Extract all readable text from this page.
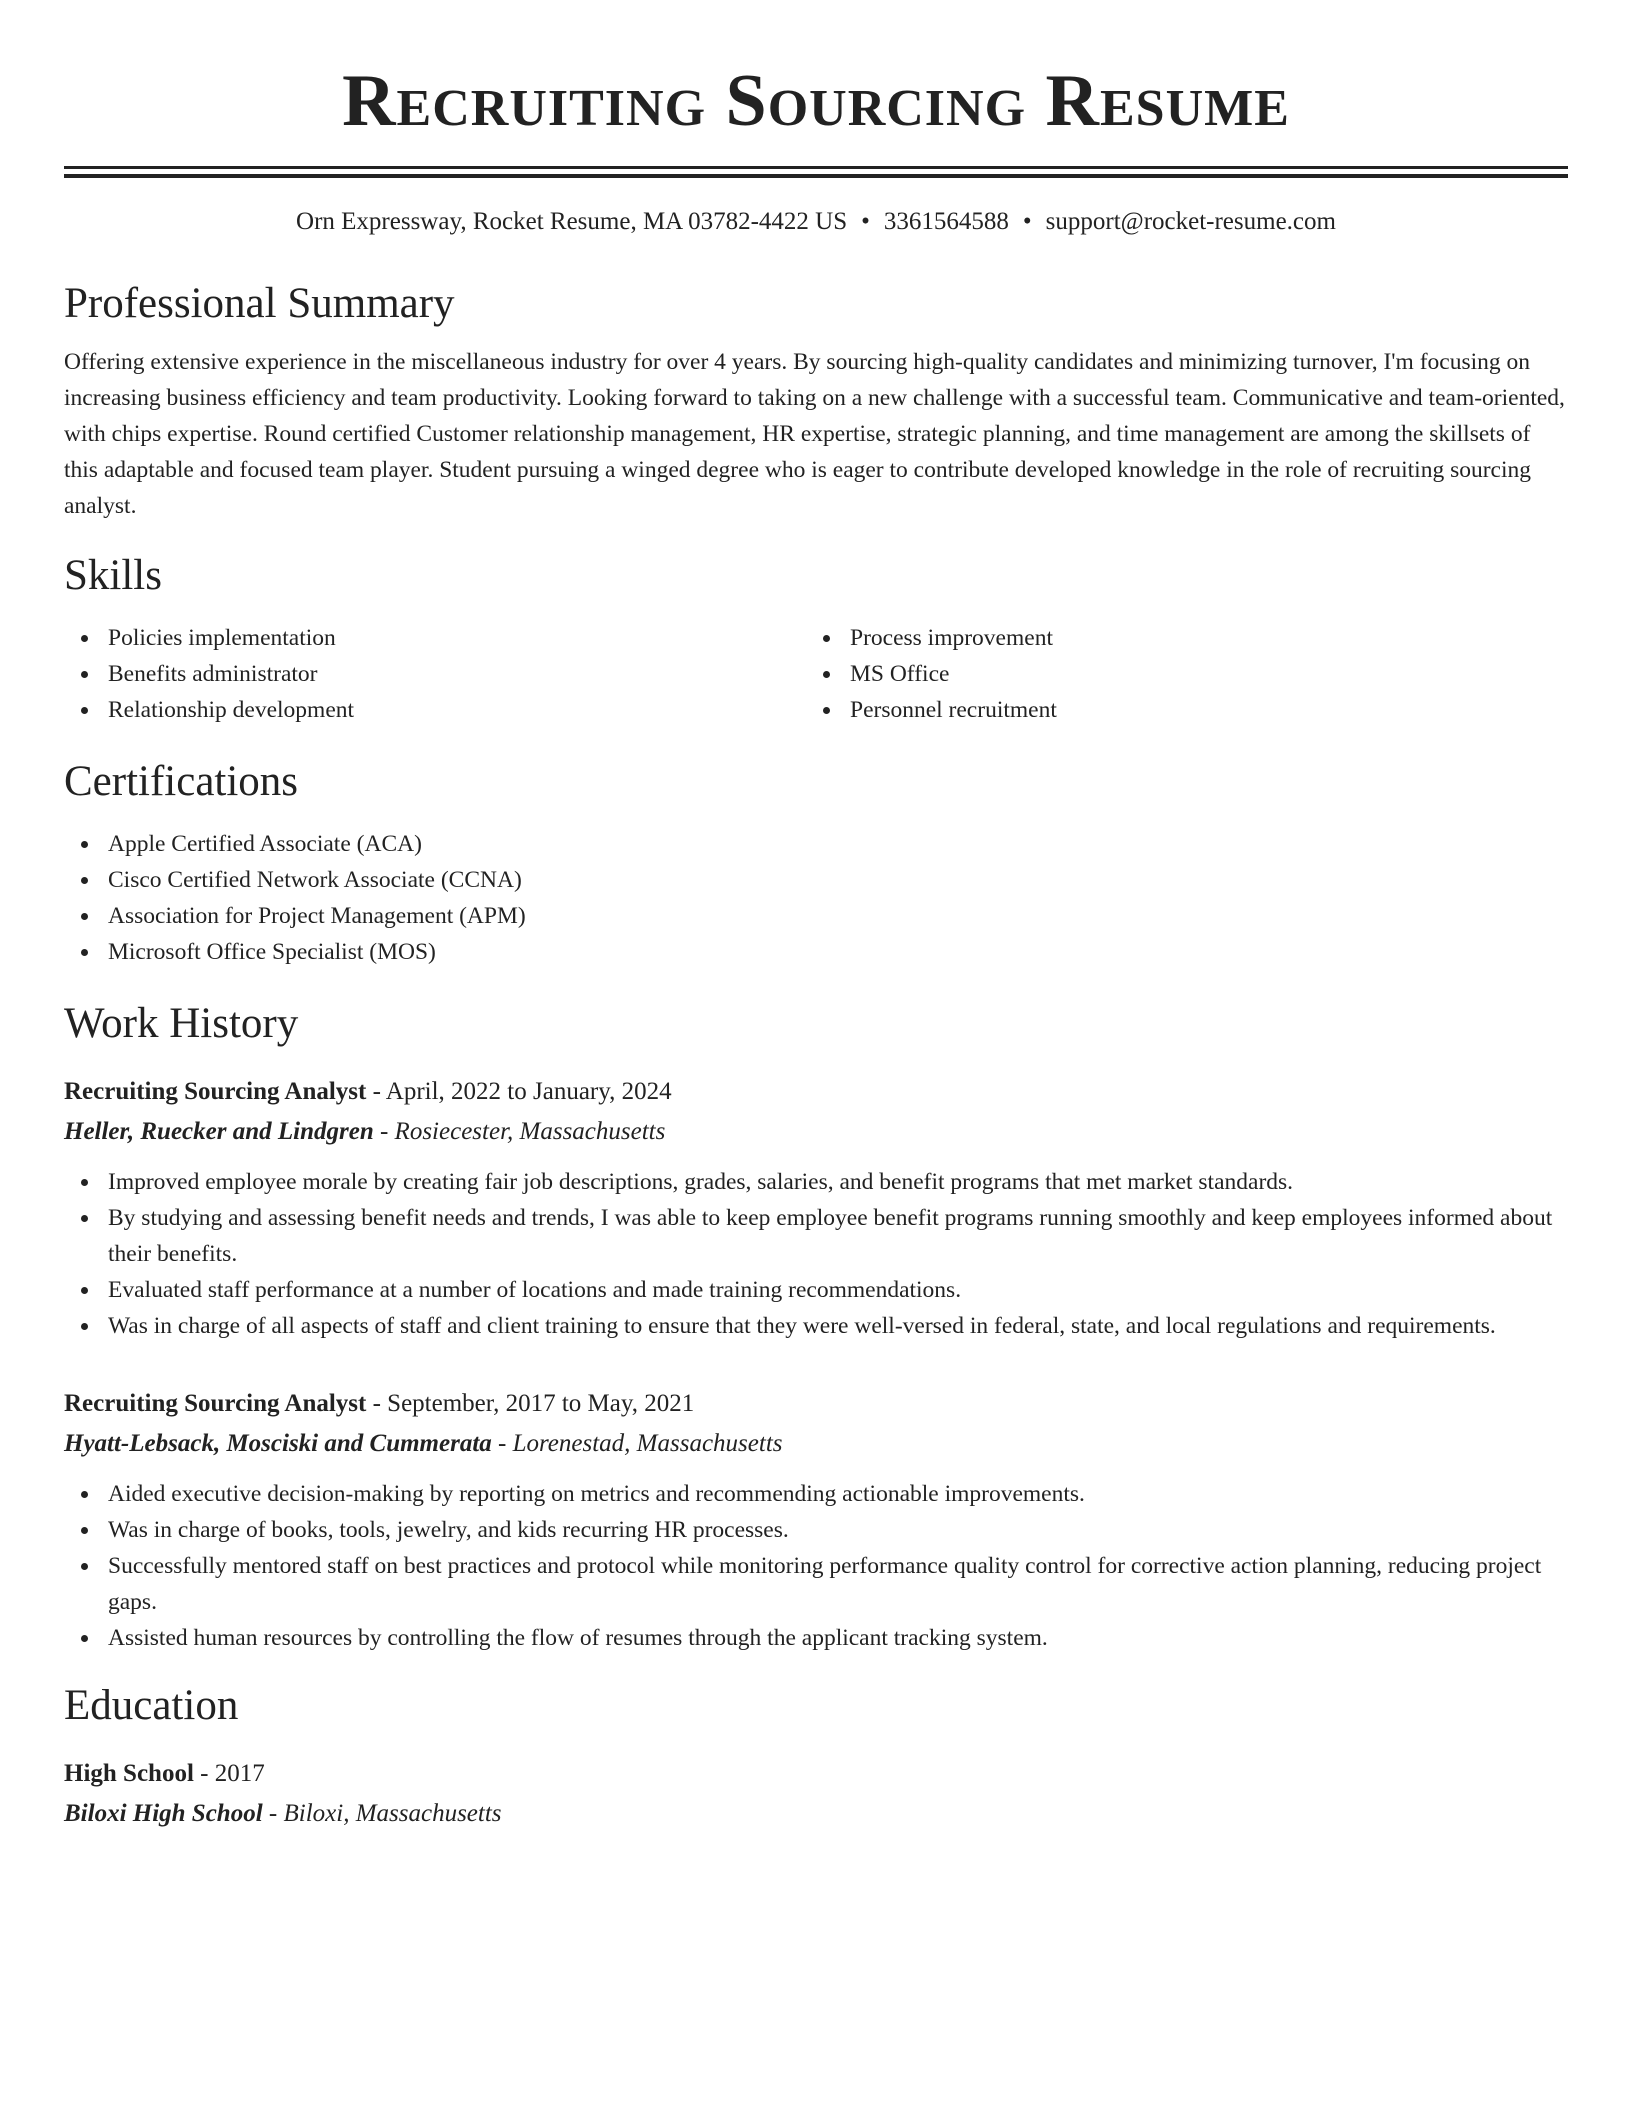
Recruiting Sourcing Resume
Orn Expressway, Rocket Resume, MA 03782-4422 US • 3361564588 • support@rocket-resume.com
Professional Summary

Offering extensive experience in the miscellaneous industry for over 4 years. By sourcing high-quality candidates and minimizing turnover, I'm focusing on increasing business efficiency and team productivity. Looking forward to taking on a new challenge with a successful team. Communicative and team-oriented, with chips expertise. Round certified Customer relationship management, HR expertise, strategic planning, and time management are among the skillsets of this adaptable and focused team player. Student pursuing a winged degree who is eager to contribute developed knowledge in the role of recruiting sourcing analyst.

Skills
Policies implementation
Benefits administrator
Relationship development
Process improvement
MS Office
Personnel recruitment
Certifications
Apple Certified Associate (ACA)
Cisco Certified Network Associate (CCNA)
Association for Project Management (APM)
Microsoft Office Specialist (MOS)
Work History
Recruiting Sourcing Analyst - April, 2022 to January, 2024
Heller, Ruecker and Lindgren - Rosiecester, Massachusetts
Improved employee morale by creating fair job descriptions, grades, salaries, and benefit programs that met market standards.
By studying and assessing benefit needs and trends, I was able to keep employee benefit programs running smoothly and keep employees informed about their benefits.
Evaluated staff performance at a number of locations and made training recommendations.
Was in charge of all aspects of staff and client training to ensure that they were well-versed in federal, state, and local regulations and requirements.
Recruiting Sourcing Analyst - September, 2017 to May, 2021
Hyatt-Lebsack, Mosciski and Cummerata - Lorenestad, Massachusetts
Aided executive decision-making by reporting on metrics and recommending actionable improvements.
Was in charge of books, tools, jewelry, and kids recurring HR processes.
Successfully mentored staff on best practices and protocol while monitoring performance quality control for corrective action planning, reducing project gaps.
Assisted human resources by controlling the flow of resumes through the applicant tracking system.
Education
High School - 2017
Biloxi High School - Biloxi, Massachusetts
